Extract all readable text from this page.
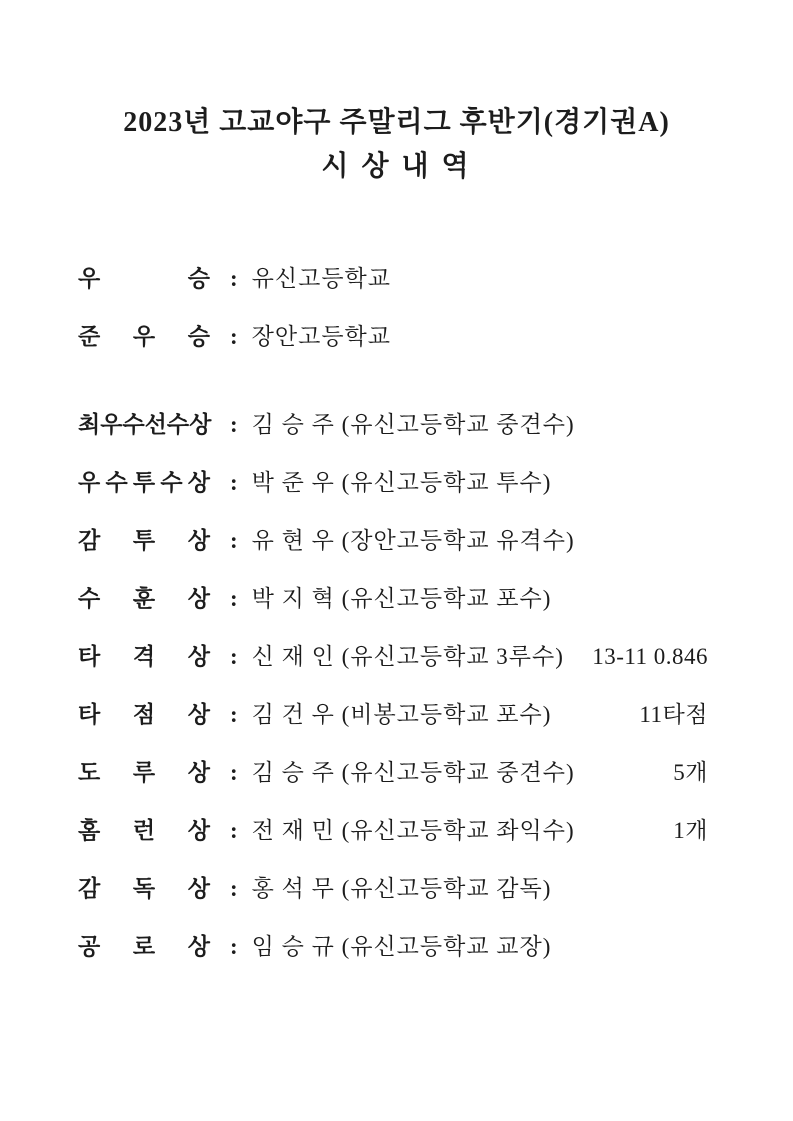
2023년 고교야구 주말리그 후반기(경기권A)
시 상 내 역
우	승 : 유신고등학교
준 우 승 : 장안고등학교
최 우 수 선 수 상 : 김 승 주 (유신고등학교 중견수)
우 수 투 수 상 : 박 준 우 (유신고등학교 투수)
감 투 상 : 유 현 우 (장안고등학교 유격수)
수 훈 상 : 박 지 혁 (유신고등학교 포수)
타 격 상 : 신 재 인 (유신고등학교 3루수) 13-11 0.846
타 점 상 : 김 건 우 (비봉고등학교 포수)	11타점
도 루 상 : 김 승 주 (유신고등학교 중견수)	5개
홈 런 상 : 전 재 민 (유신고등학교 좌익수)	1개
감 독 상 : 홍 석 무 (유신고등학교 감독)
공 로 상 : 임 승 규 (유신고등학교 교장)
